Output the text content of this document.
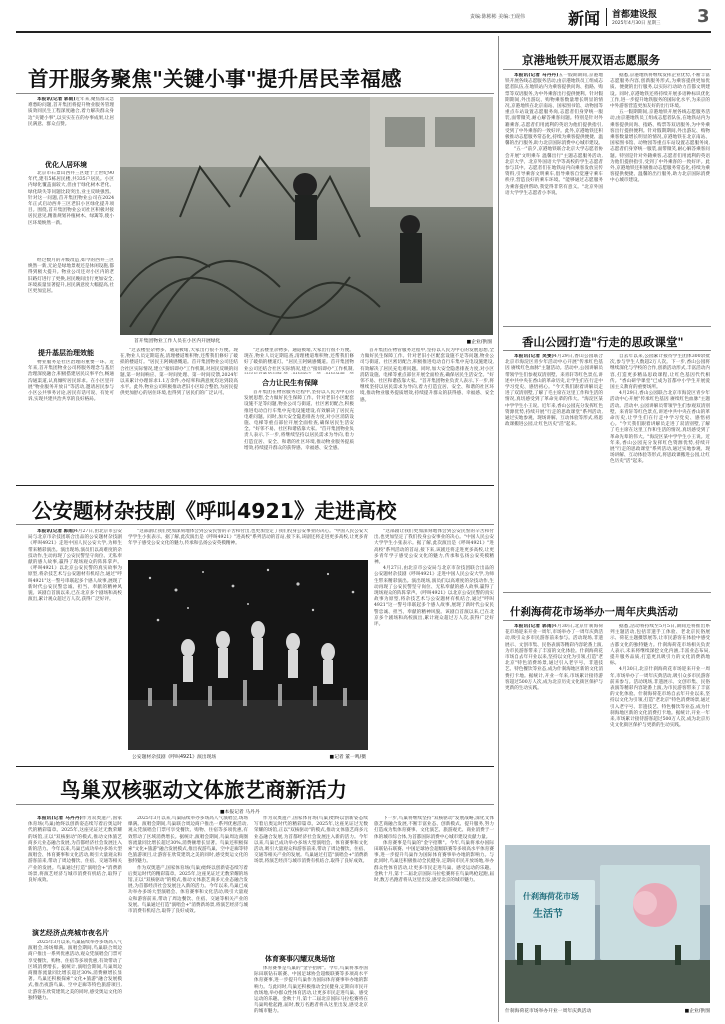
责编:陈彬彬 美编:王砚伟	新闻 首都建设报
2025年4月30日 星期三 3
首开服务聚焦"关键小事"提升居民幸福感

本报讯(记者 郭雨)近年来,聚焦群众急难愁盼问题,首开集团将提升物业服务管理质效同民生工程深度融合,着力解决群众身边"关键小事",以实实在在的办事成果,让居民满意、群众点赞。

优化人居环境

北京市石景山西井三区建于上世纪90年代,建有5栋居民楼,共335户居民。小区内绿化覆盖面较大,但由于绿化树木老化、绿化缺失等问题比较突出,业主反映强烈。针对这一问题,首开集团物业公司在2024年正式启动西井三区老旧小区绿化提升项目。围绕,首开集团物业公司社区积极对接居民意见,精准规划补植树木、绿篱等,使小区环境焕然一新。

经过数月的升级改造,如今的西井三区焕然一新,无论是绿地景观还是休闲设施,都得到极大提升。物业公司还对小区内的老旧路灯进行了更换,居民晚间出行更加安全,环境质量显著提升,居民满意度大幅提高,社区更加宜居。

提升基层治理效能

物业服务是社区治理的重要一环。近年来,首开集团物业公司将服务理念与基层治理深度融合,积极搭建居民议事平台,畅通沟通渠道,认真倾听居民诉求。在小区里开展"物业服务开放日"等活动,邀请居民参与小区公共事务讨论,居民有话可说、有处可诉,实现共建共治共享的良好格局。

首开集团物业工作人员在小区内开展绿化	■企业/供图

"过去楼里杂物多、通道被堵,大家出行很不方便。现在,物业人员定期巡查,清理楼道堆积物,还帮我们修好了破损的楼道灯。"居民王阿姨感慨道。首开集团物业公司还结合社区实际情况,建立"接诉即办"工作机制,对居民反映的问题,第一时间响应、第一时间处理、第一时间反馈,2024年以来累计办理诉求1.1万余件,办结率和满意度均达到较高水平。此外,物业公司积极推动老旧小区综合整治,为居民提供更加舒心的居住环境,也得到了居民们的广泛认可。

合力让民生有保障

"过去楼里杂物多、通道被堵,大家出行很不方便。现在,物业人员定期巡查,清理楼道堆积物,还帮我们修好了破损的楼道灯。"居民王阿姨感慨道。首开集团物业公司还结合社区实际情况,建立"接诉即办"工作机制,

首开集团在物管服务过程中,坚持以人民为中心的发展思想,全力做好民生保障工作。针对老旧小区配套设施不足等问题,物业公司与街道、社区密切配合,积极推进电动自行车集中充电设施建设,有效解决了居民充电难问题。同时,加大安全隐患排查力度,对小区消防设施、电梯等重点部位开展全面检查,确保居民生活安全。"好邻不易、社区和谐依靠大家。"首开集团物业负责人表示,下一步,将继续坚持以居民需求为导向,着力打造宜居、安全、和谐的社区环境,推动物业服务提质增效,持续提升群众的获得感、幸福感、安全感。

首开集团在物管服务过程中,坚持以人民为中心的发展思想,全力做好民生保障工作。针对老旧小区配套设施不足等问题,物业公司与街道、社区密切配合,积极推进电动自行车集中充电设施建设,有效解决了居民充电难问题。同时,加大安全隐患排查力度,对小区消防设施、电梯等重点部位开展全面检查,确保居民生活安全。"好邻不易、社区和谐依靠大家。"首开集团物业负责人表示,下一步,将继续坚持以居民需求为导向,着力打造宜居、安全、和谐的社区环境,推动物业服务提质增效,持续提升群众的获得感、幸福感、安全感。

京港地铁开展双语志愿服务

本报讯(记者 马丹丹)五一假期期间,京港地铁开展各线志愿服务活动,由京港地铁员工组成志愿者队伍,在地铁站内为乘客提供问询、指路、购票等双语服务,为中外乘客出行提供便利。针对假期期间,外出游玩、购物乘客数量增长明显的情况,京港地铁在北京南站、国家图书馆、动物园等重点车站设置志愿服务岗,志愿者们身穿统一服装,面带微笑,耐心解答乘客问题。特别是针对外籍乘客,志愿者们用流利的英语为他们提供指引,受到了中外乘客的一致好评。此外,京港地铁还积极推动志愿服务常态化,持续为乘客提供便捷、温馨的出行服务,助力北京国际消费中心城市建设。

"五一"前夕,京港地铁联合北京大学志愿者协会开展"文明乘车 温馨出行"主题志愿服务活动,北京大学、北京外国语大学等高校的学生志愿者参与其中。志愿者们在地铁站内向乘客发放宣传资料,引导乘客文明乘车,倡导乘客自觉遵守乘车秩序,营造良好的乘车环境。"能够通过志愿服务为乘客提供帮助,我觉得非常有意义。"北京外国语大学学生志愿者小李说。

据悉,京港地铁将继续发挥企业优势,不断丰富志愿服务内容,创新服务形式,为乘客提供更加优质、便捷的出行服务,以实际行动助力首都文明建设。同时,京港地铁还将持续开展多语种标识优化工作,进一步提升地铁服务的国际化水平,为来京的中外游客营造更加友好的出行环境。

五一假期期间,京港地铁开展各线志愿服务活动,由京港地铁员工组成志愿者队伍,在地铁站内为乘客提供问询、指路、购票等双语服务,为中外乘客出行提供便利。针对假期期间,外出游玩、购物乘客数量增长明显的情况,京港地铁在北京南站、国家图书馆、动物园等重点车站设置志愿服务岗,志愿者们身穿统一服装,面带微笑,耐心解答乘客问题。特别是针对外籍乘客,志愿者们用流利的英语为他们提供指引,受到了中外乘客的一致好评。此外,京港地铁还积极推动志愿服务常态化,持续为乘客提供便捷、温馨的出行服务,助力北京国际消费中心城市建设。

香山公园打造"行走的思政课堂"

本报讯(记者 吴雯)4月29日,香山公园联合北京市海淀区青少年活动中心开展"传承红色基因 赓续红色血脉"主题活动。活动中,公园讲解员带领学生们参观双清别墅、来青轩等红色景点,讲述中共中央在香山的革命历史,让学生们在行走中学习党史、感悟初心。"今天我们跟着讲解员走进了双清别墅,了解了毛主席在这里工作和生活的情况,真切感受到了革命先辈的伟大。"海淀区某中学学生小王说。近年来,香山公园充分发挥红色资源优势,持续开展"行走的思政课堂"系列活动,通过实地参观、现场讲解、互动体验等形式,将思政课搬进公园,让红色历史"活"起来。

自去年以来,公园累计接待学生团体300余批次,参与学生人数超2万人次。下一步,香山公园将继续深化与学校的合作,创新活动形式,丰富活动内容,打造更多精品思政课程,让红色基因代代相传。"香山研学课堂"已成为首都中小学生开展爱国主义教育的重要场所。

4月29日,香山公园联合北京市海淀区青少年活动中心开展"传承红色基因 赓续红色血脉"主题活动。活动中,公园讲解员带领学生们参观双清别墅、来青轩等红色景点,讲述中共中央在香山的革命历史,让学生们在行走中学习党史、感悟初心。"今天我们跟着讲解员走进了双清别墅,了解了毛主席在这里工作和生活的情况,真切感受到了革命先辈的伟大。"海淀区某中学学生小王说。近年来,香山公园充分发挥红色资源优势,持续开展"行走的思政课堂"系列活动,通过实地参观、现场讲解、互动体验等形式,将思政课搬进公园,让红色历史"活"起来。

公安题材杂技剧《呼叫4921》走进高校

本报讯(记者 郭雨)4月27日,由北京市公安局与北京市杂技团联合出品的公安题材杂技剧《呼叫4921》走进中国人民公安大学,为师生带来精彩演出。演出现场,演员们以高难度的杂技动作,生动再现了公安民警坚守岗位、无私奉献的感人故事,赢得了现场观众的阵阵掌声。《呼叫4921》以北京公安民警的真实故事为原型,将杂技艺术与公安题材有机结合,通过"呼叫4921"这一警号串联起多个感人故事,展现了新时代公安民警忠诚、担当、奉献的精神风貌。该剧自首演以来,已在北京多个剧场和高校演出,累计观众超过万人次,获得广泛好评。

"这部剧让我们更加深刻地体会到公安民警的辛苦和付出,也更加坚定了我们投身公安事业的决心。"中国人民公安大学学生小张表示。据了解,此次演出是《呼叫4921》"进高校"系列活动的首站,接下来,该剧还将走进更多高校,让更多青年学子感受公安文化的魅力,传承和弘扬公安英模精神。

公安题材杂技剧《呼叫4921》演出现场	■记者 董一鸣/摄

"这部剧让我们更加深刻地体会到公安民警的辛苦和付出,也更加坚定了我们投身公安事业的决心。"中国人民公安大学学生小张表示。据了解,此次演出是《呼叫4921》"进高校"系列活动的首站,接下来,该剧还将走进更多高校,让更多青年学子感受公安文化的魅力,传承和弘扬公安英模精神。

4月27日,由北京市公安局与北京市杂技团联合出品的公安题材杂技剧《呼叫4921》走进中国人民公安大学,为师生带来精彩演出。演出现场,演员们以高难度的杂技动作,生动再现了公安民警坚守岗位、无私奉献的感人故事,赢得了现场观众的阵阵掌声。《呼叫4921》以北京公安民警的真实故事为原型,将杂技艺术与公安题材有机结合,通过"呼叫4921"这一警号串联起多个感人故事,展现了新时代公安民警忠诚、担当、奉献的精神风貌。该剧自首演以来,已在北京多个剧场和高校演出,累计观众超过万人次,获得广泛好评。

什刹海荷花市场举办一周年庆典活动

本报讯(记者 郭雨)4月30日,北京什刹海荷花市场迎来开业一周年,市场举办了一周年庆典活动,吸引众多市民游客前来参与。活动现场,非遗展示、文创市集、民俗表演等精彩内容轮番上演,为市民游客带来了丰富的文化体验。什刹海荷花市场自去年开业以来,坚持以文化为引领,打造"老北京"特色消费场景,通过引入老字号、非遗技艺、特色餐饮等业态,成为什刹海地区新的文化消费打卡地。据统计,开业一年来,市场累计接待游客超过500万人次,成为北京历史文化街区保护与更新的生动实践。

据悉,活动将持续至5月5日,期间还将推出系列主题活动,包括非遗手工体验、老北京民俗展示、荷花主题摄影展等,让市民游客在体验中感受古都文化的独特魅力。什刹海荷花市场相关负责人表示,未来将继续深挖文化内涵,丰富业态布局,提升服务品质,打造更具吸引力的文化消费新地标。

4月30日,北京什刹海荷花市场迎来开业一周年,市场举办了一周年庆典活动,吸引众多市民游客前来参与。活动现场,非遗展示、文创市集、民俗表演等精彩内容轮番上演,为市民游客带来了丰富的文化体验。什刹海荷花市场自去年开业以来,坚持以文化为引领,打造"老北京"特色消费场景,通过引入老字号、非遗技艺、特色餐饮等业态,成为什刹海地区新的文化消费打卡地。据统计,开业一年来,市场累计接待游客超过500万人次,成为北京历史文化街区保护与更新的生动实践。

什刹海荷花市场
生活节
什刹海荷花市场举办开业一周年庆典活动	■企业/供图
鸟巢双核驱动文体旅艺商新活力
■本报记者 马丹丹

本报讯(记者 马丹丹)作为双奥遗产,国家体育场(鸟巢)始终以创新姿态续写着后奥运时代的精彩篇章。2025年,这座见证过无数荣耀的场馆,正以"双核驱动"的模式,推动文体旅艺商多元业态融合发展,为首都经济社会发展注入新的活力。今年以来,鸟巢已成功举办多场大型演唱会、体育赛事和文化活动,吸引大量观众和游客前来,带动了周边餐饮、住宿、交通等相关产业的发展。鸟巢通过打造"演唱会+"消费新场景,将演艺经济与城市消费有机结合,取得了良好成效。

演艺经济点亮城市夜名片

2025年3月以来,鸟巢陆续举办多场高人气演唱会,场场爆满。演唱会期间,鸟巢联合周边商户推出一系列优惠活动,观众凭演唱会门票可享受餐饮、购物、住宿等多项优惠,有效带动了区域消费增长。据统计,演唱会期间,鸟巢周边商圈客流量同比增长超过30%,消费额增长显著。鸟巢还积极探索"文化+旅游"融合发展模式,推出夜游鸟巢、空中走廊等特色旅游项目,让游客在欣赏建筑之美的同时,感受奥运文化的独特魅力。

2025年3月以来,鸟巢陆续举办多场高人气演唱会,场场爆满。演唱会期间,鸟巢联合周边商户推出一系列优惠活动,观众凭演唱会门票可享受餐饮、购物、住宿等多项优惠,有效带动了区域消费增长。据统计,演唱会期间,鸟巢周边商圈客流量同比增长超过30%,消费额增长显著。鸟巢还积极探索"文化+旅游"融合发展模式,推出夜游鸟巢、空中走廊等特色旅游项目,让游客在欣赏建筑之美的同时,感受奥运文化的独特魅力。

作为双奥遗产,国家体育场(鸟巢)始终以创新姿态续写着后奥运时代的精彩篇章。2025年,这座见证过无数荣耀的场馆,正以"双核驱动"的模式,推动文体旅艺商多元业态融合发展,为首都经济社会发展注入新的活力。今年以来,鸟巢已成功举办多场大型演唱会、体育赛事和文化活动,吸引大量观众和游客前来,带动了周边餐饮、住宿、交通等相关产业的发展。鸟巢通过打造"演唱会+"消费新场景,将演艺经济与城市消费有机结合,取得了良好成效。

作为双奥遗产,国家体育场(鸟巢)始终以创新姿态续写着后奥运时代的精彩篇章。2025年,这座见证过无数荣耀的场馆,正以"双核驱动"的模式,推动文体旅艺商多元业态融合发展,为首都经济社会发展注入新的活力。今年以来,鸟巢已成功举办多场大型演唱会、体育赛事和文化活动,吸引大量观众和游客前来,带动了周边餐饮、住宿、交通等相关产业的发展。鸟巢通过打造"演唱会+"消费新场景,将演艺经济与城市消费有机结合,取得了良好成效。

体育赛事闪耀双奥场馆

体育赛事是鸟巢的"金字招牌"。今年,鸟巢将承办国际田联钻石联赛、中国足球协会超级联赛等多项高水平体育赛事,进一步提升鸟巢作为国际体育赛事举办地的影响力。与此同时,鸟巢还积极推动全民健身,定期向市民开放场地,举办群众性体育活动,让更多市民走进鸟巢、感受运动的乐趣。金秋十月,第十二届北京国际马拉松赛将在鸟巢鸣枪起跑,届时,数万名跑者将从这里出发,感受北京的城市魅力。

下一步,鸟巢将继续坚持"双核驱动"发展战略,深化文体旅艺商融合发展,不断丰富业态、创新模式、提升服务,努力打造成为集体育赛事、文化演艺、旅游观光、商业消费于一体的城市综合体,为首都国际消费中心城市建设贡献力量。

体育赛事是鸟巢的"金字招牌"。今年,鸟巢将承办国际田联钻石联赛、中国足球协会超级联赛等多项高水平体育赛事,进一步提升鸟巢作为国际体育赛事举办地的影响力。与此同时,鸟巢还积极推动全民健身,定期向市民开放场地,举办群众性体育活动,让更多市民走进鸟巢、感受运动的乐趣。金秋十月,第十二届北京国际马拉松赛将在鸟巢鸣枪起跑,届时,数万名跑者将从这里出发,感受北京的城市魅力。
